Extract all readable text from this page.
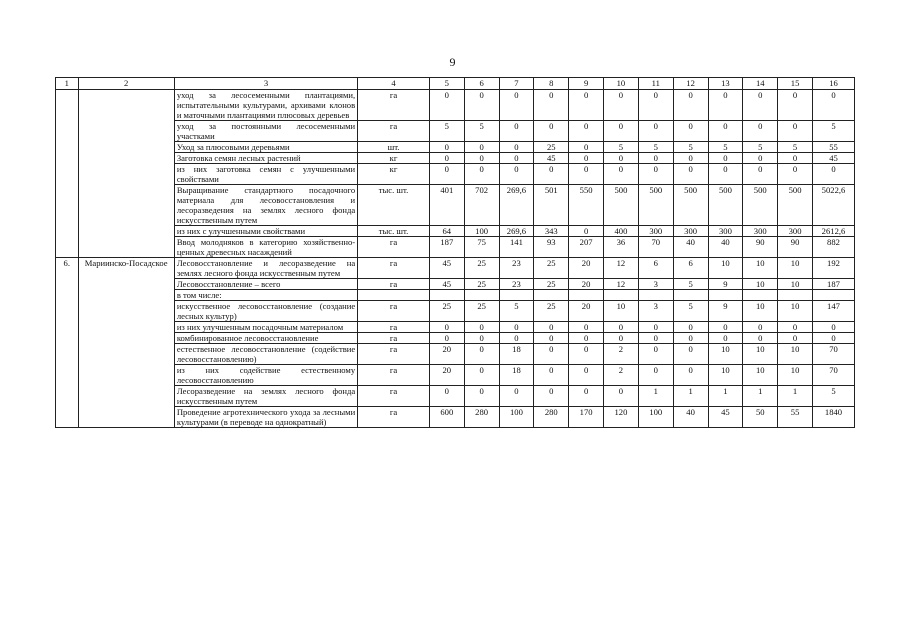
9
1	2	3	4	5	6	7	8	9	10	11	12	13	14	15	16
		уход за лесосеменными плантациями, испытательными культурами, архивами клонов и маточными плантациями плюсовых деревьев	га	0	0	0	0	0	0	0	0	0	0	0	0
		уход за постоянными лесосеменными участками	га	5	5	0	0	0	0	0	0	0	0	0	5
		Уход за плюсовыми деревьями	шт.	0	0	0	25	0	5	5	5	5	5	5	55
		Заготовка семян лесных растений	кг	0	0	0	45	0	0	0	0	0	0	0	45
		из них заготовка семян с улучшенными свойствами	кг	0	0	0	0	0	0	0	0	0	0	0	0
		Выращивание стандартного посадочного материала для лесовосстановления и лесоразведения на землях лесного фонда искусственным путем	тыс. шт.	401	702	269,6	501	550	500	500	500	500	500	500	5022,6
		из них с улучшенными свойствами	тыс. шт.	64	100	269,6	343	0	400	300	300	300	300	300	2612,6
		Ввод молодняков в категорию хозяйственно-ценных древесных насаждений	га	187	75	141	93	207	36	70	40	40	90	90	882
6.	Мариинско-Посадское	Лесовосстановление и лесоразведение на землях лесного фонда искусственным путем	га	45	25	23	25	20	12	6	6	10	10	10	192
		Лесовосстановление – всего	га	45	25	23	25	20	12	3	5	9	10	10	187
		в том числе:													
		искусственное лесовосстановление (создание лесных культур)	га	25	25	5	25	20	10	3	5	9	10	10	147
		из них улучшенным посадочным материалом	га	0	0	0	0	0	0	0	0	0	0	0	0
		комбинированное лесовосстановление	га	0	0	0	0	0	0	0	0	0	0	0	0
		естественное лесовосстановление (содействие лесовосстановлению)	га	20	0	18	0	0	2	0	0	10	10	10	70
		из них содействие естественному лесовосстановлению	га	20	0	18	0	0	2	0	0	10	10	10	70
		Лесоразведение на землях лесного фонда искусственным путем	га	0	0	0	0	0	0	1	1	1	1	1	5
		Проведение агротехнического ухода за лесными культурами (в переводе на однократный)	га	600	280	100	280	170	120	100	40	45	50	55	1840
